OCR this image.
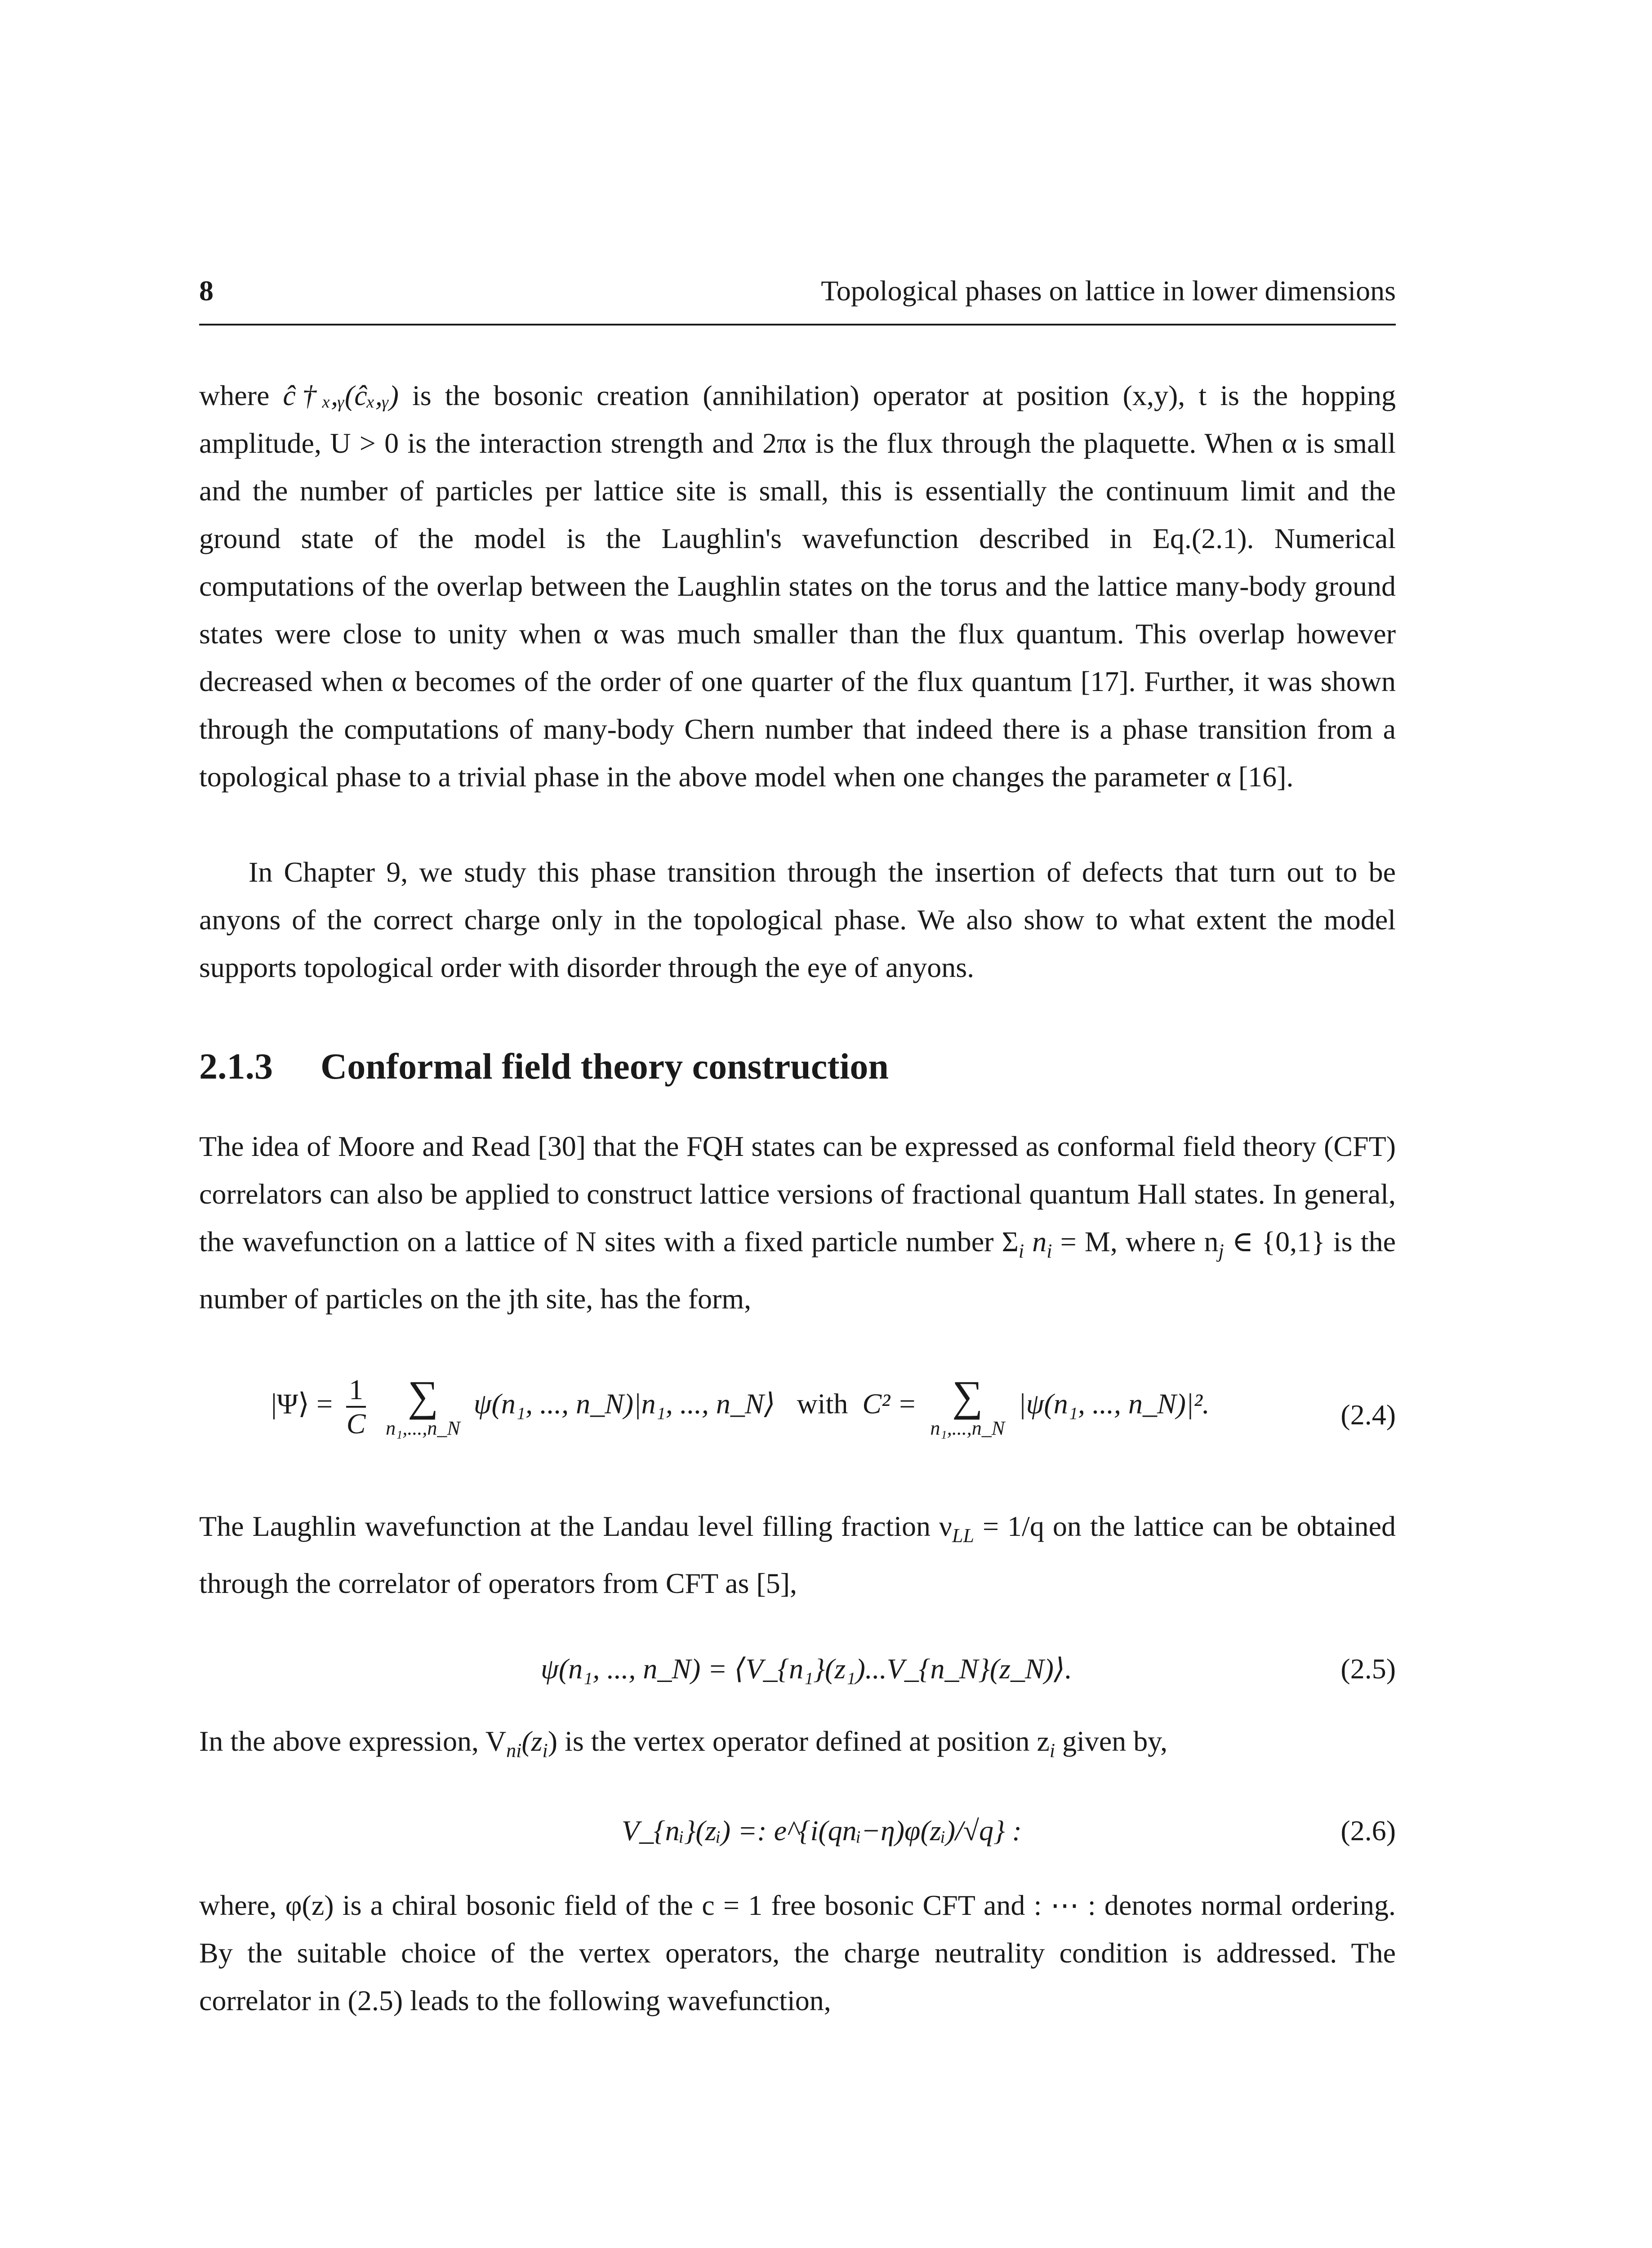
8	Topological phases on lattice in lower dimensions
where ĉ†ₓ,ᵧ(ĉₓ,ᵧ) is the bosonic creation (annihilation) operator at position (x,y), t is the hopping amplitude, U > 0 is the interaction strength and 2πα is the flux through the plaquette. When α is small and the number of particles per lattice site is small, this is essentially the continuum limit and the ground state of the model is the Laughlin's wavefunction described in Eq.(2.1). Numerical computations of the overlap between the Laughlin states on the torus and the lattice many-body ground states were close to unity when α was much smaller than the flux quantum. This overlap however decreased when α becomes of the order of one quarter of the flux quantum [17]. Further, it was shown through the computations of many-body Chern number that indeed there is a phase transition from a topological phase to a trivial phase in the above model when one changes the parameter α [16].
In Chapter 9, we study this phase transition through the insertion of defects that turn out to be anyons of the correct charge only in the topological phase. We also show to what extent the model supports topological order with disorder through the eye of anyons.
2.1.3 Conformal field theory construction
The idea of Moore and Read [30] that the FQH states can be expressed as conformal field theory (CFT) correlators can also be applied to construct lattice versions of fractional quantum Hall states. In general, the wavefunction on a lattice of N sites with a fixed particle number $\Sigma_i$ $n_i = M$, where $n_j$ ∈ {0,1} is the number of particles on the jth site, has the form,
|Ψ⟩ = $\frac{1}{C}$
∑
n₁,...,n_N
ψ(n₁, ..., n_N)|n₁, ..., n_N⟩ with C² = ∑
n₁,...,n_N
|ψ(n₁, ..., n_N)|².	(2.4)
The Laughlin wavefunction at the Landau level filling fraction $\nu_{LL} = 1/q$ on the lattice can be obtained through the correlator of operators from CFT as [5],
ψ(n₁, ..., n_N) = ⟨V_{n₁}(z₁)...V_{n_N}(z_N)⟩.	(2.5)
In the above expression, $V_{ni}(z_i)$ is the vertex operator defined at position $z_i$ given by,
V_{nᵢ}(zᵢ) =: e^{i(qnᵢ−η)φ(zᵢ)/√q} :	(2.6)
where, φ(z) is a chiral bosonic field of the c = 1 free bosonic CFT and : ⋯ : denotes normal ordering. By the suitable choice of the vertex operators, the charge neutrality condition is addressed. The correlator in (2.5) leads to the following wavefunction,
